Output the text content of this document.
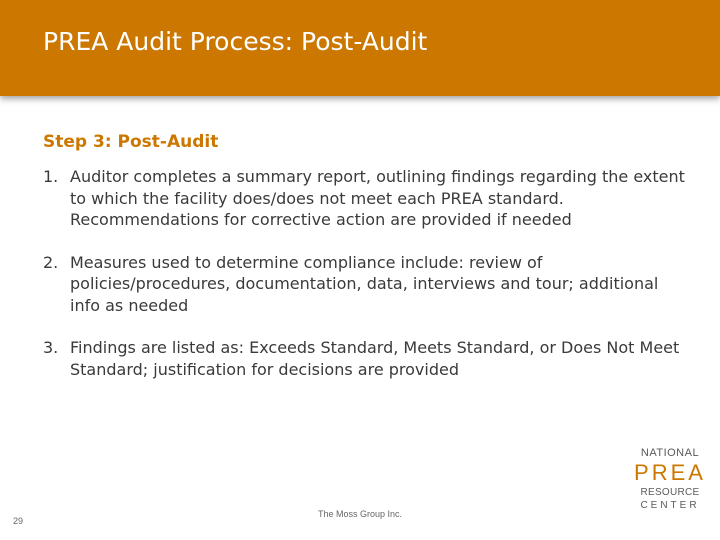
PREA Audit Process: Post-Audit
Step 3: Post-Audit
1. Auditor completes a summary report, outlining findings regarding the extent to which the facility does/does not meet each PREA standard. Recommendations for corrective action are provided if needed
2. Measures used to determine compliance include: review of policies/procedures, documentation, data, interviews and tour; additional info as needed
3. Findings are listed as: Exceeds Standard, Meets Standard, or Does Not Meet Standard; justification for decisions are provided
The Moss Group Inc.
29
NATIONAL
PREA
RESOURCE
CENTER
